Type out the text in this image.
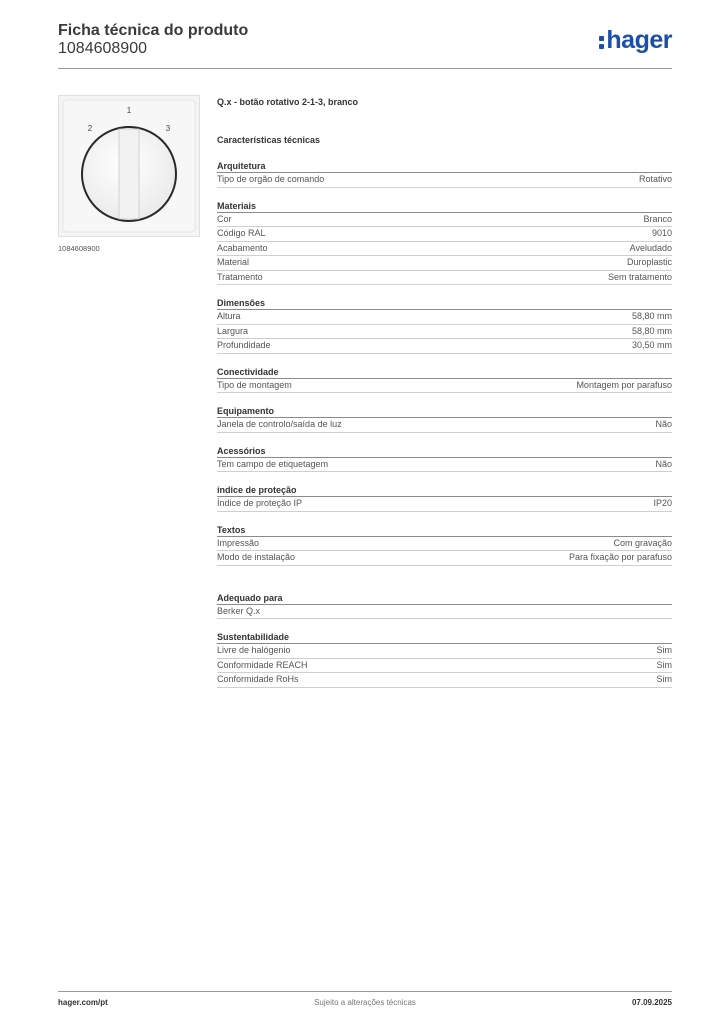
Ficha técnica do produto
1084608900	hager
1
2	3
1084608900
Q.x - botão rotativo 2-1-3, branco
Características técnicas
Arquitetura
Tipo de orgão de comando	Rotativo
Materiais
Cor	Branco
Código RAL	9010
Acabamento	Aveludado
Material	Duroplastic
Tratamento	Sem tratamento
Dimensões
Altura	58,80 mm
Largura	58,80 mm
Profundidade	30,50 mm
Conectividade
Tipo de montagem	Montagem por parafuso
Equipamento
Janela de controlo/saída de luz	Não
Acessórios
Tem campo de etiquetagem	Não
índice de proteção
Índice de proteção IP	IP20
Textos
Impressão	Com gravação
Modo de instalação	Para fixação por parafuso
Adequado para
Berker Q.x
Sustentabilidade
Livre de halógenio	Sim
Conformidade REACH	Sim
Conformidade RoHs	Sim
hager.com/pt	Sujeito a alterações técnicas	07.09.2025
